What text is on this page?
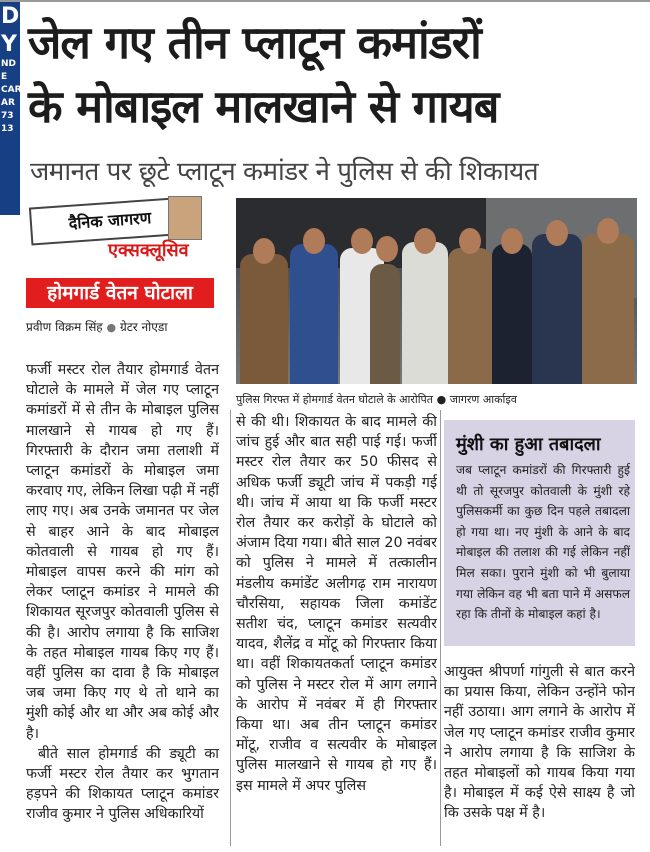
D
Y
ND
E
CARD
AR
73
13
जेल गए तीन प्लाटून कमांडरों
के मोबाइल मालखाने से गायब
जमानत पर छूटे प्लाटून कमांडर ने पुलिस से की शिकायत
दैनिक जागरण
एक्सक्लूसिव
होमगार्ड वेतन घोटाला
प्रवीण विक्रम सिंह ● ग्रेटर नोएडा
पुलिस गिरफ्त में होमगार्ड वेतन घोटाले के आरोपित ● जागरण आर्काइव

फर्जी मस्टर रोल तैयार होमगार्ड वेतन घोटाले के मामले में जेल गए प्लाटून कमांडरों में से तीन के मोबाइल पुलिस मालखाने से गायब हो गए हैं। गिरफ्तारी के दौरान जमा तलाशी में प्लाटून कमांडरों के मोबाइल जमा करवाए गए, लेकिन लिखा पढ़ी में नहीं लाए गए। अब उनके जमानत पर जेल से बाहर आने के बाद मोबाइल कोतवाली से गायब हो गए हैं। मोबाइल वापस करने की मांग को लेकर प्लाटून कमांडर ने मामले की शिकायत सूरजपुर कोतवाली पुलिस से की है। आरोप लगाया है कि साजिश के तहत मोबाइल गायब किए गए हैं। वहीं पुलिस का दावा है कि मोबाइल जब जमा किए गए थे तो थाने का मुंशी कोई और था और अब कोई और है।

बीते साल होमगार्ड की ड्यूटी का फर्जी मस्टर रोल तैयार कर भुगतान हड़पने की शिकायत प्लाटून कमांडर राजीव कुमार ने पुलिस अधिकारियों

से की थी। शिकायत के बाद मामले की जांच हुई और बात सही पाई गई। फर्जी मस्टर रोल तैयार कर 50 फीसद से अधिक फर्जी ड्यूटी जांच में पकड़ी गई थी। जांच में आया था कि फर्जी मस्टर रोल तैयार कर करोड़ों के घोटाले को अंजाम दिया गया। बीते साल 20 नवंबर को पुलिस ने मामले में तत्कालीन मंडलीय कमांडेंट अलीगढ़ राम नारायण चौरसिया, सहायक जिला कमांडेंट सतीश चंद, प्लाटून कमांडर सत्यवीर यादव, शैलेंद्र व मोंटू को गिरफ्तार किया था। वहीं शिकायतकर्ता प्लाटून कमांडर को पुलिस ने मस्टर रोल में आग लगाने के आरोप में नवंबर में ही गिरफ्तार किया था। अब तीन प्लाटून कमांडर मोंटू, राजीव व सत्यवीर के मोबाइल पुलिस मालखाने से गायब हो गए हैं। इस मामले में अपर पुलिस

मुंशी का हुआ तबादला
जब प्लाटून कमांडरों की गिरफ्तारी हुई थी तो सूरजपुर कोतवाली के मुंशी रहे पुलिसकर्मी का कुछ दिन पहले तबादला हो गया था। नए मुंशी के आने के बाद मोबाइल की तलाश की गई लेकिन नहीं मिल सका। पुराने मुंशी को भी बुलाया गया लेकिन वह भी बता पाने में असफल रहा कि तीनों के मोबाइल कहां है।

आयुक्त श्रीपर्णा गांगुली से बात करने का प्रयास किया, लेकिन उन्होंने फोन नहीं उठाया। आग लगाने के आरोप में जेल गए प्लाटून कमांडर राजीव कुमार ने आरोप लगाया है कि साजिश के तहत मोबाइलों को गायब किया गया है। मोबाइल में कई ऐसे साक्ष्य है जो कि उसके पक्ष में है।
